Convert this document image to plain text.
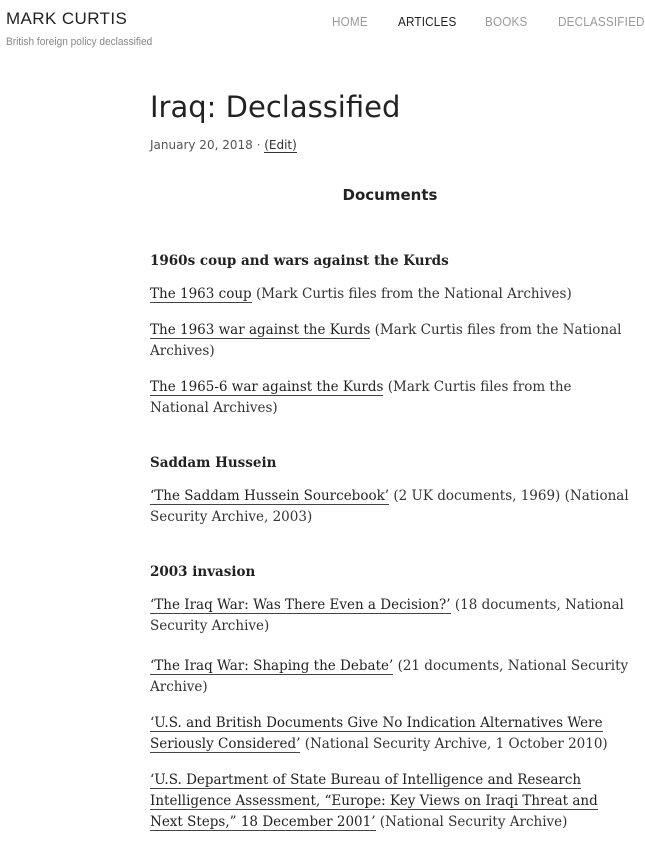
MARK CURTIS
British foreign policy declassified
HOME ARTICLES BOOKS DECLASSIFIED
Iraq: Declassified
January 20, 2018 · (Edit)
Documents
1960s coup and wars against the Kurds

The 1963 coup (Mark Curtis files from the National Archives)

The 1963 war against the Kurds (Mark Curtis files from the National Archives)

The 1965-6 war against the Kurds (Mark Curtis files from the National Archives)

Saddam Hussein

‘The Saddam Hussein Sourcebook’ (2 UK documents, 1969) (National Security Archive, 2003)

2003 invasion

‘The Iraq War: Was There Even a Decision?’ (18 documents, National Security Archive)

‘The Iraq War: Shaping the Debate’ (21 documents, National Security Archive)

‘U.S. and British Documents Give No Indication Alternatives Were Seriously Considered’ (National Security Archive, 1 October 2010)

‘U.S. Department of State Bureau of Intelligence and Research Intelligence Assessment, “Europe: Key Views on Iraqi Threat and Next Steps,” 18 December 2001’ (National Security Archive)
